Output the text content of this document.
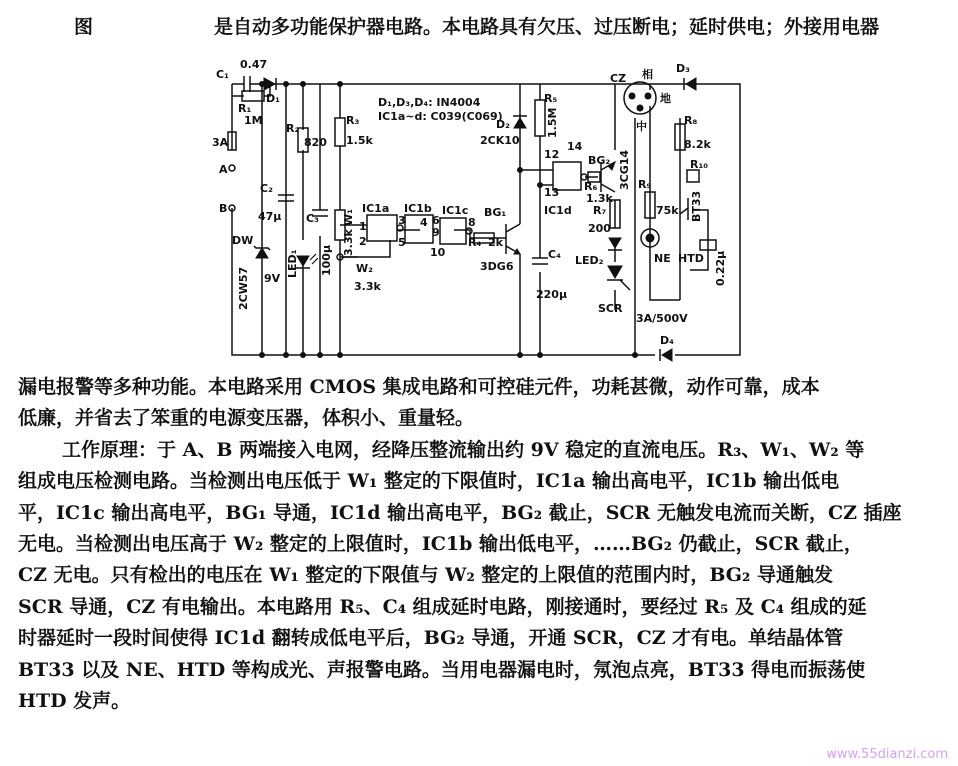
图	是自动多功能保护器电路。本电路具有欠压、过压断电；延时供电；外接用电器
C₁
0.47
D₁
R₁
1M
3A
A
B
R₂
820
R₃
1.5k
C₂
47μ
DW
2CW57 9V
LED₁
C₃
100μ
W₁
3.3k
W₂
3.3k
D₁,D₃,D₄: IN4004
IC1a~d: C039(C069)
IC1a IC1b IC1c
1
2
3 4
5
6
9
10
8
BG₁
R₄ 2k
3DG6
D₂
2CK10
R₅
1.5M
12
14
13
IC1d
C₄
220μ
BG₂
R₆
1.3k
3CG14
R₇
200
LED₂
SCR
3A/500V
CZ 相
地
中
D₃
D₄
R₈
8.2k
R₉
75k
R₁₀
BT33
NE HTD 0.22μ

漏电报警等多种功能。本电路采用 CMOS 集成电路和可控硅元件，功耗甚微，动作可靠，成本

低廉，并省去了笨重的电源变压器，体积小、重量轻。

工作原理：于 A、B 两端接入电网，经降压整流输出约 9V 稳定的直流电压。R₃、W₁、W₂ 等

组成电压检测电路。当检测出电压低于 W₁ 整定的下限值时，IC1a 输出高电平，IC1b 输出低电

平，IC1c 输出高电平，BG₁ 导通，IC1d 输出高电平，BG₂ 截止，SCR 无触发电流而关断，CZ 插座

无电。当检测出电压高于 W₂ 整定的上限值时，IC1b 输出低电平，……BG₂ 仍截止，SCR 截止，

CZ 无电。只有检出的电压在 W₁ 整定的下限值与 W₂ 整定的上限值的范围内时，BG₂ 导通触发

SCR 导通，CZ 有电输出。本电路用 R₅、C₄ 组成延时电路，刚接通时，要经过 R₅ 及 C₄ 组成的延

时器延时一段时间使得 IC1d 翻转成低电平后，BG₂ 导通，开通 SCR，CZ 才有电。单结晶体管

BT33 以及 NE、HTD 等构成光、声报警电路。当用电器漏电时，氖泡点亮，BT33 得电而振荡使

HTD 发声。

www.55dianzi.com
